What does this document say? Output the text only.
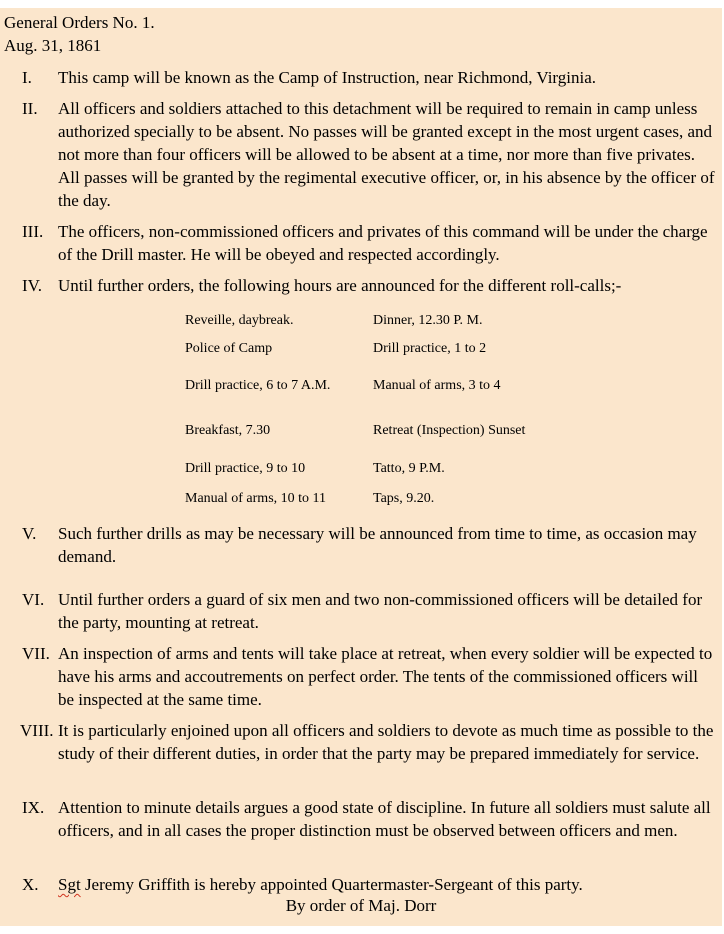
General Orders No. 1.
Aug. 31, 1861
I. This camp will be known as the Camp of Instruction, near Richmond, Virginia.
II. All officers and soldiers attached to this detachment will be required to remain in camp unless authorized specially to be absent. No passes will be granted except in the most urgent cases, and not more than four officers will be allowed to be absent at a time, nor more than five privates. All passes will be granted by the regimental executive officer, or, in his absence by the officer of the day.
III. The officers, non-commissioned officers and privates of this command will be under the charge of the Drill master. He will be obeyed and respected accordingly.
IV. Until further orders, the following hours are announced for the different roll-calls;-
Reveille, daybreak.	Dinner, 12.30 P. M.
Police of Camp	Drill practice, 1 to 2
Drill practice, 6 to 7 A.M.	Manual of arms, 3 to 4
Breakfast, 7.30	Retreat (Inspection) Sunset
Drill practice, 9 to 10	Tatto, 9 P.M.
Manual of arms, 10 to 11	Taps, 9.20.
V. Such further drills as may be necessary will be announced from time to time, as occasion may demand.
VI. Until further orders a guard of six men and two non-commissioned officers will be detailed for the party, mounting at retreat.
VII. An inspection of arms and tents will take place at retreat, when every soldier will be expected to have his arms and accoutrements on perfect order. The tents of the commissioned officers will be inspected at the same time.
VIII. It is particularly enjoined upon all officers and soldiers to devote as much time as possible to the study of their different duties, in order that the party may be prepared immediately for service.
IX. Attention to minute details argues a good state of discipline. In future all soldiers must salute all officers, and in all cases the proper distinction must be observed between officers and men.
X. Sgt Jeremy Griffith is hereby appointed Quartermaster-Sergeant of this party.
By order of Maj. Dorr
